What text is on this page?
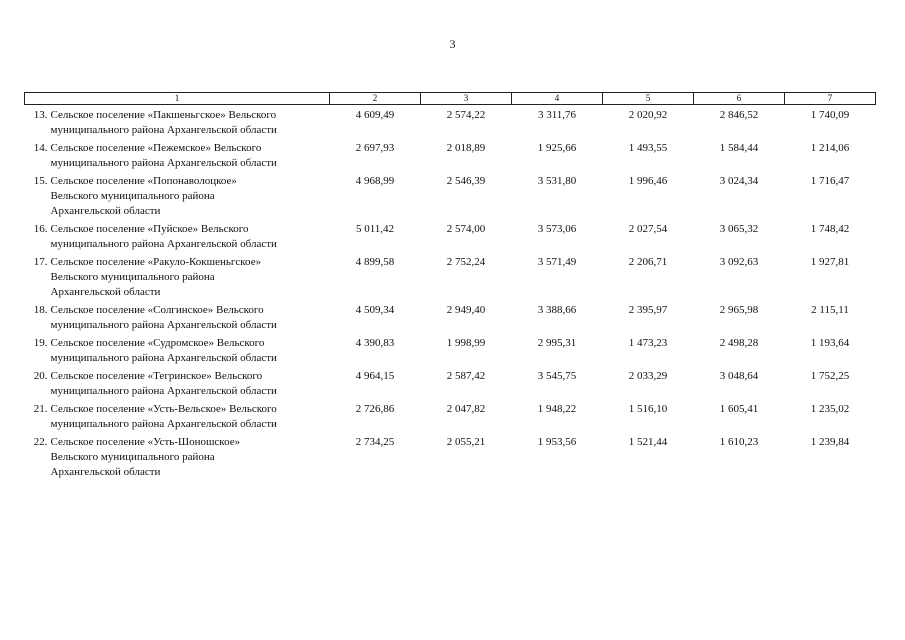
3
1	2	3	4	5	6	7

13. Сельское поселение «Пакшеньгское» Вельского
муниципального района Архангельской области	4 609,49	2 574,22	3 311,76	2 020,92	2 846,52	1 740,09

14. Сельское поселение «Пежемское» Вельского
муниципального района Архангельской области	2 697,93	2 018,89	1 925,66	1 493,55	1 584,44	1 214,06

15. Сельское поселение «Попонаволоцкое»
Вельского муниципального района
Архангельской области	4 968,99	2 546,39	3 531,80	1 996,46	3 024,34	1 716,47

16. Сельское поселение «Пуйское» Вельского
муниципального района Архангельской области	5 011,42	2 574,00	3 573,06	2 027,54	3 065,32	1 748,42

17. Сельское поселение «Ракуло-Кокшеньгское»
Вельского муниципального района
Архангельской области	4 899,58	2 752,24	3 571,49	2 206,71	3 092,63	1 927,81

18. Сельское поселение «Солгинское» Вельского
муниципального района Архангельской области	4 509,34	2 949,40	3 388,66	2 395,97	2 965,98	2 115,11

19. Сельское поселение «Судромское» Вельского
муниципального района Архангельской области	4 390,83	1 998,99	2 995,31	1 473,23	2 498,28	1 193,64

20. Сельское поселение «Тегринское» Вельского
муниципального района Архангельской области	4 964,15	2 587,42	3 545,75	2 033,29	3 048,64	1 752,25

21. Сельское поселение «Усть-Вельское» Вельского
муниципального района Архангельской области	2 726,86	2 047,82	1 948,22	1 516,10	1 605,41	1 235,02

22. Сельское поселение «Усть-Шоношское»
Вельского муниципального района
Архангельской области	2 734,25	2 055,21	1 953,56	1 521,44	1 610,23	1 239,84
